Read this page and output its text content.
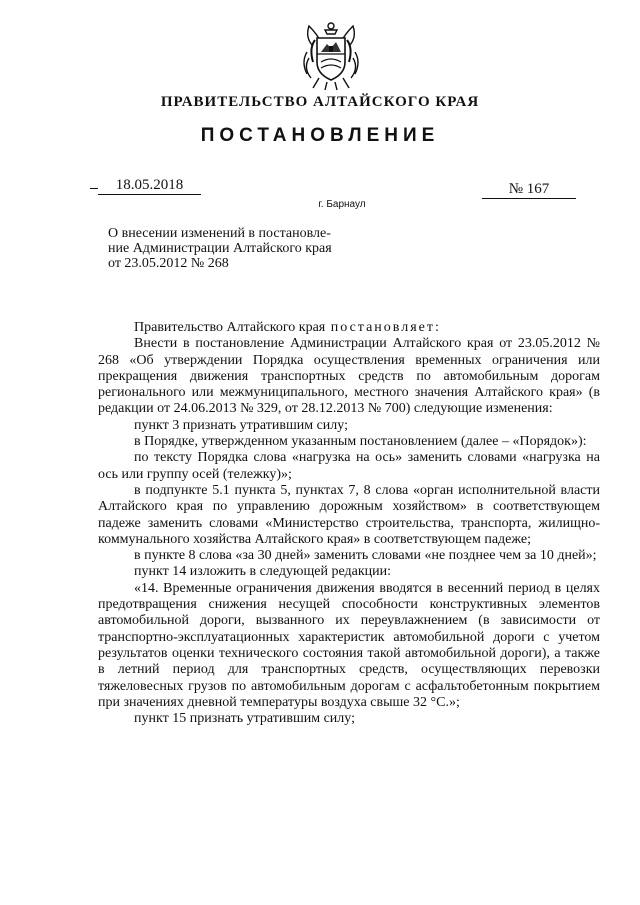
ПРАВИТЕЛЬСТВО АЛТАЙСКОГО КРАЯ
ПОСТАНОВЛЕНИЕ
18.05.2018	№ 167
г. Барнаул
О внесении изменений в постановле-
ние Администрации Алтайского края
от 23.05.2012 № 268

Правительство Алтайского края постановляет:

Внести в постановление Администрации Алтайского края от 23.05.2012 № 268 «Об утверждении Порядка осуществления временных ограничения или прекращения движения транспортных средств по автомобильным дорогам регионального или межмуниципального, местного значения Алтайского края» (в редакции от 24.06.2013 № 329, от 28.12.2013 № 700) следующие изменения:

пункт 3 признать утратившим силу;

в Порядке, утвержденном указанным постановлением (далее – «Порядок»):

по тексту Порядка слова «нагрузка на ось» заменить словами «нагрузка на ось или группу осей (тележку)»;

в подпункте 5.1 пункта 5, пунктах 7, 8 слова «орган исполнительной власти Алтайского края по управлению дорожным хозяйством» в соответствующем падеже заменить словами «Министерство строительства, транспорта, жилищно-коммунального хозяйства Алтайского края» в соответствующем падеже;

в пункте 8 слова «за 30 дней» заменить словами «не позднее чем за 10 дней»;

пункт 14 изложить в следующей редакции:

«14. Временные ограничения движения вводятся в весенний период в целях предотвращения снижения несущей способности конструктивных элементов автомобильной дороги, вызванного их переувлажнением (в зависимости от транспортно-эксплуатационных характеристик автомобильной дороги с учетом результатов оценки технического состояния такой автомобильной дороги), а также в летний период для транспортных средств, осуществляющих перевозки тяжеловесных грузов по автомобильным дорогам с асфальтобетонным покрытием при значениях дневной температуры воздуха свыше 32 °С.»;

пункт 15 признать утратившим силу;
